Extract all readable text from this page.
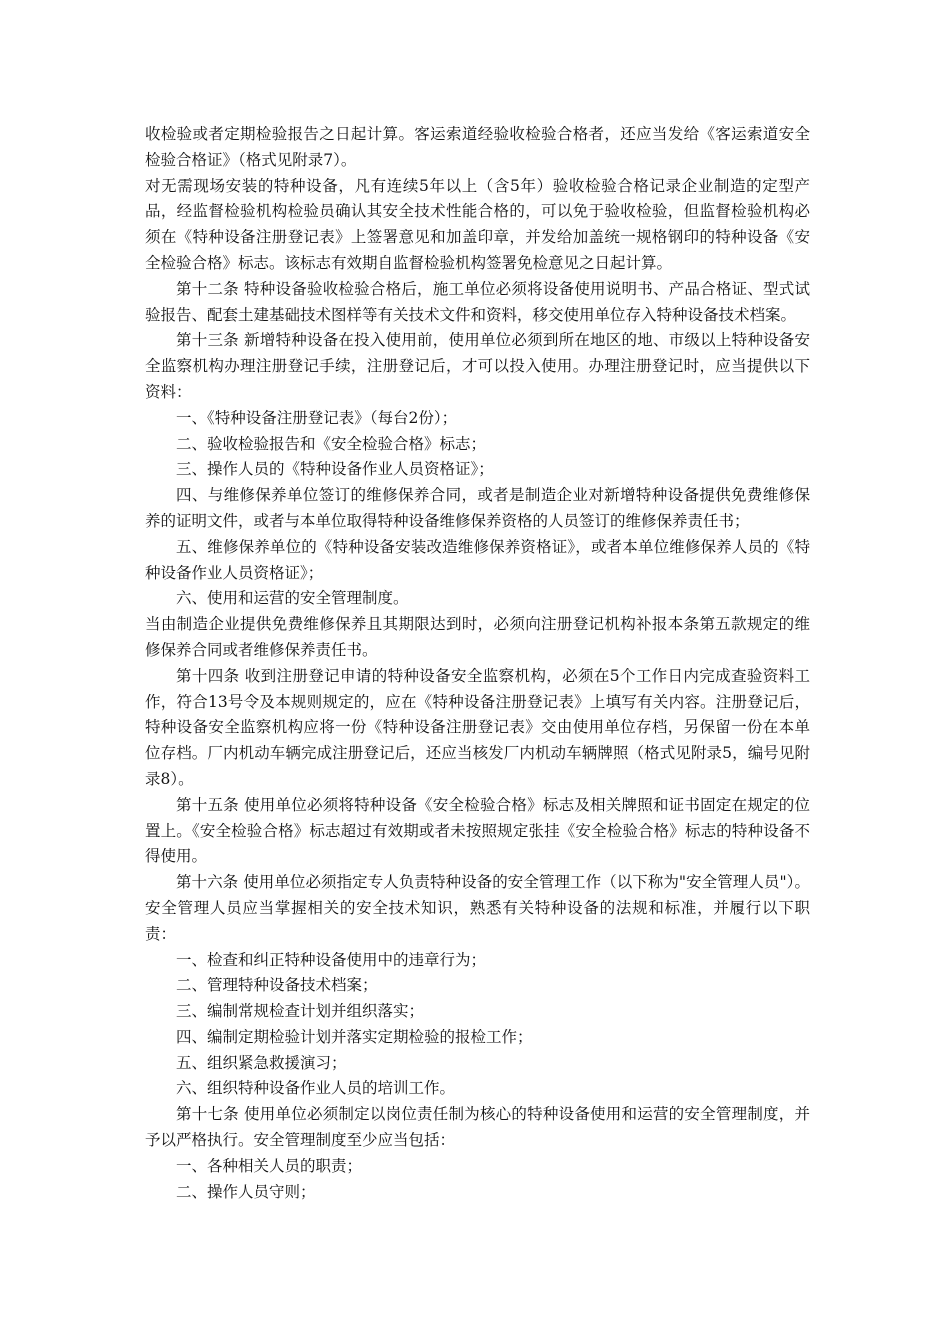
收检验或者定期检验报告之日起计算。客运索道经验收检验合格者，还应当发给《客运索道安全检验合格证》（格式见附录7）。

对无需现场安装的特种设备，凡有连续5年以上（含5年）验收检验合格记录企业制造的定型产品，经监督检验机构检验员确认其安全技术性能合格的，可以免于验收检验，但监督检验机构必须在《特种设备注册登记表》上签署意见和加盖印章，并发给加盖统一规格钢印的特种设备《安全检验合格》标志。该标志有效期自监督检验机构签署免检意见之日起计算。

第十二条 特种设备验收检验合格后，施工单位必须将设备使用说明书、产品合格证、型式试验报告、配套土建基础技术图样等有关技术文件和资料，移交使用单位存入特种设备技术档案。

第十三条 新增特种设备在投入使用前，使用单位必须到所在地区的地、市级以上特种设备安全监察机构办理注册登记手续，注册登记后，才可以投入使用。办理注册登记时，应当提供以下资料：

一、《特种设备注册登记表》（每台2份）；

二、验收检验报告和《安全检验合格》标志；

三、操作人员的《特种设备作业人员资格证》；

四、与维修保养单位签订的维修保养合同，或者是制造企业对新增特种设备提供免费维修保养的证明文件，或者与本单位取得特种设备维修保养资格的人员签订的维修保养责任书；

五、维修保养单位的《特种设备安装改造维修保养资格证》，或者本单位维修保养人员的《特种设备作业人员资格证》；

六、使用和运营的安全管理制度。

当由制造企业提供免费维修保养且其期限达到时，必须向注册登记机构补报本条第五款规定的维修保养合同或者维修保养责任书。

第十四条 收到注册登记申请的特种设备安全监察机构，必须在5个工作日内完成查验资料工作，符合13号令及本规则规定的，应在《特种设备注册登记表》上填写有关内容。注册登记后，特种设备安全监察机构应将一份《特种设备注册登记表》交由使用单位存档，另保留一份在本单位存档。厂内机动车辆完成注册登记后，还应当核发厂内机动车辆牌照（格式见附录5，编号见附录8）。

第十五条 使用单位必须将特种设备《安全检验合格》标志及相关牌照和证书固定在规定的位置上。《安全检验合格》标志超过有效期或者未按照规定张挂《安全检验合格》标志的特种设备不得使用。

第十六条 使用单位必须指定专人负责特种设备的安全管理工作（以下称为"安全管理人员"）。安全管理人员应当掌握相关的安全技术知识，熟悉有关特种设备的法规和标准，并履行以下职责：

一、检查和纠正特种设备使用中的违章行为；

二、管理特种设备技术档案；

三、编制常规检查计划并组织落实；

四、编制定期检验计划并落实定期检验的报检工作；

五、组织紧急救援演习；

六、组织特种设备作业人员的培训工作。

第十七条 使用单位必须制定以岗位责任制为核心的特种设备使用和运营的安全管理制度，并予以严格执行。安全管理制度至少应当包括：

一、各种相关人员的职责；

二、操作人员守则；
